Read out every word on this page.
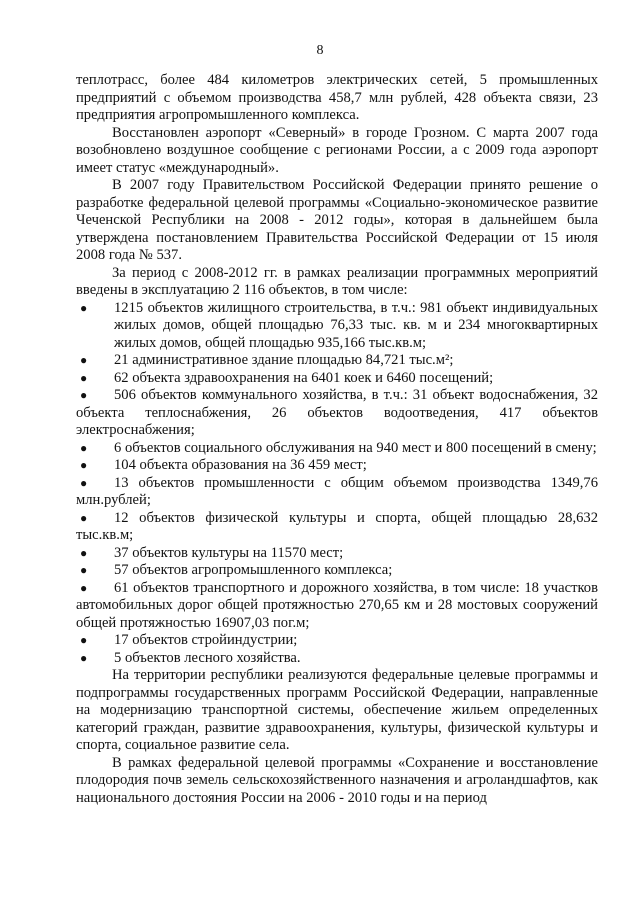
8

теплотрасс, более 484 километров электрических сетей, 5 промышленных предприятий с объемом производства 458,7 млн рублей, 428 объекта связи, 23 предприятия агропромышленного комплекса.

Восстановлен аэропорт «Северный» в городе Грозном. С марта 2007 года возобновлено воздушное сообщение с регионами России, а с 2009 года аэропорт имеет статус «международный».

В 2007 году Правительством Российской Федерации принято решение о разработке федеральной целевой программы «Социально-экономическое развитие Чеченской Республики на 2008 - 2012 годы», которая в дальнейшем была утверждена постановлением Правительства Российской Федерации от 15 июля 2008 года № 537.

За период с 2008-2012 гг. в рамках реализации программных мероприятий введены в эксплуатацию 2 116 объектов, в том числе:

● 1215 объектов жилищного строительства, в т.ч.: 981 объект индивидуальных жилых домов, общей площадью 76,33 тыс. кв. м и 234 многоквартирных жилых домов, общей площадью 935,166 тыс.кв.м;

● 21 административное здание площадью 84,721 тыс.м²;

● 62 объекта здравоохранения на 6401 коек и 6460 посещений;

● 506 объектов коммунального хозяйства, в т.ч.: 31 объект водоснабжения, 32 объекта теплоснабжения, 26 объектов водоотведения, 417 объектов электроснабжения;

● 6 объектов социального обслуживания на 940 мест и 800 посещений в смену;

● 104 объекта образования на 36 459 мест;

● 13 объектов промышленности с общим объемом производства 1349,76 млн.рублей;

● 12 объектов физической культуры и спорта, общей площадью 28,632 тыс.кв.м;

● 37 объектов культуры на 11570 мест;

● 57 объектов агропромышленного комплекса;

● 61 объектов транспортного и дорожного хозяйства, в том числе: 18 участков автомобильных дорог общей протяжностью 270,65 км и 28 мостовых сооружений общей протяжностью 16907,03 пог.м;

● 17 объектов стройиндустрии;

● 5 объектов лесного хозяйства.

На территории республики реализуются федеральные целевые программы и подпрограммы государственных программ Российской Федерации, направленные на модернизацию транспортной системы, обеспечение жильем определенных категорий граждан, развитие здравоохранения, культуры, физической культуры и спорта, социальное развитие села.

В рамках федеральной целевой программы «Сохранение и восстановление плодородия почв земель сельскохозяйственного назначения и агроландшафтов, как национального достояния России на 2006 - 2010 годы и на период
